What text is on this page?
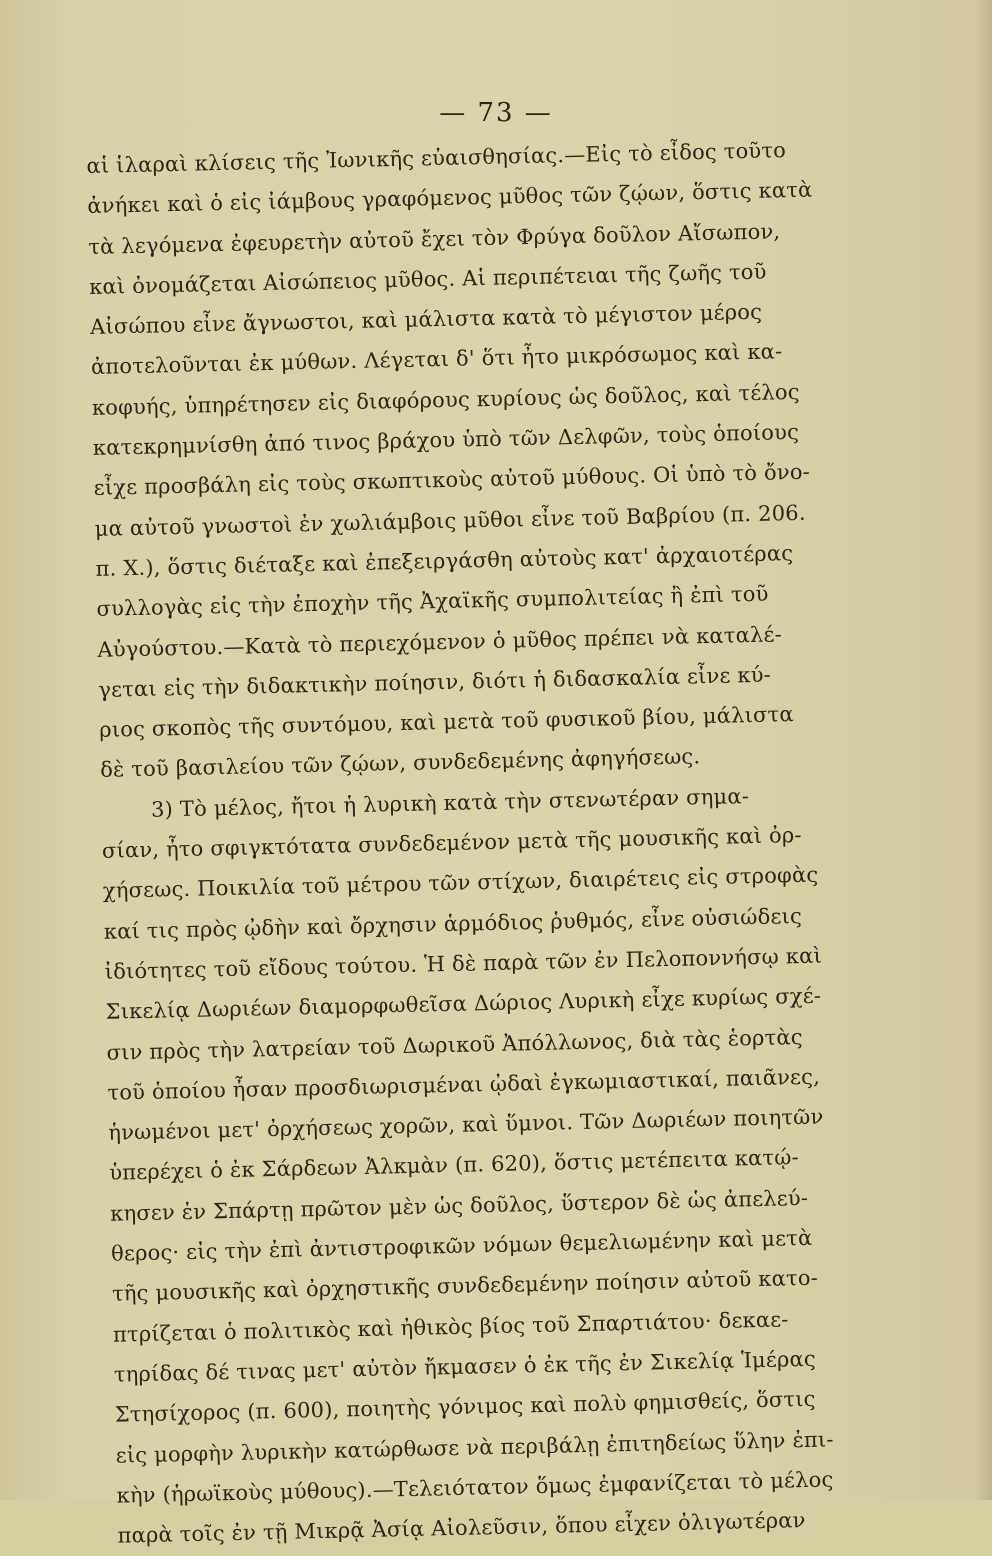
— 73 —
αἱ ἱλαραὶ κλίσεις τῆς Ἰωνικῆς εὐαισθησίας.—Εἰς τὸ εἶδος τοῦτο
ἀνήκει καὶ ὁ εἰς ἰάμβους γραφόμενος μῦθος τῶν ζῴων, ὅστις κατὰ
τὰ λεγόμενα ἐφευρετὴν αὐτοῦ ἔχει τὸν Φρύγα δοῦλον Αἴσωπον,
καὶ ὀνομάζεται Αἰσώπειος μῦθος. Αἱ περιπέτειαι τῆς ζωῆς τοῦ
Αἰσώπου εἶνε ἄγνωστοι, καὶ μάλιστα κατὰ τὸ μέγιστον μέρος
ἀποτελοῦνται ἐκ μύθων. Λέγεται δ' ὅτι ἦτο μικρόσωμος καὶ κα-
κοφυής, ὑπηρέτησεν εἰς διαφόρους κυρίους ὡς δοῦλος, καὶ τέλος
κατεκρημνίσθη ἀπό τινος βράχου ὑπὸ τῶν Δελφῶν, τοὺς ὁποίους
εἶχε προσβάλη εἰς τοὺς σκωπτικοὺς αὐτοῦ μύθους. Οἱ ὑπὸ τὸ ὄνο-
μα αὐτοῦ γνωστοὶ ἐν χωλιάμβοις μῦθοι εἶνε τοῦ Βαβρίου (π. 206.
π. Χ.), ὅστις διέταξε καὶ ἐπεξειργάσθη αὐτοὺς κατ' ἀρχαιοτέρας
συλλογὰς εἰς τὴν ἐποχὴν τῆς Ἀχαϊκῆς συμπολιτείας ἢ ἐπὶ τοῦ
Αὐγούστου.—Κατὰ τὸ περιεχόμενον ὁ μῦθος πρέπει νὰ καταλέ-
γεται εἰς τὴν διδακτικὴν ποίησιν, διότι ἡ διδασκαλία εἶνε κύ-
ριος σκοπὸς τῆς συντόμου, καὶ μετὰ τοῦ φυσικοῦ βίου, μάλιστα
δὲ τοῦ βασιλείου τῶν ζῴων, συνδεδεμένης ἀφηγήσεως.
3) Τὸ μέλος, ἤτοι ἡ λυρικὴ κατὰ τὴν στενωτέραν σημα-
σίαν, ἦτο σφιγκτότατα συνδεδεμένον μετὰ τῆς μουσικῆς καὶ ὀρ-
χήσεως. Ποικιλία τοῦ μέτρου τῶν στίχων, διαιρέτεις εἰς στροφὰς
καί τις πρὸς ᾠδὴν καὶ ὄρχησιν ἁρμόδιος ῥυθμός, εἶνε οὐσιώδεις
ἰδιότητες τοῦ εἴδους τούτου. Ἡ δὲ παρὰ τῶν ἐν Πελοποννήσῳ καὶ
Σικελίᾳ Δωριέων διαμορφωθεῖσα Δώριος Λυρικὴ εἶχε κυρίως σχέ-
σιν πρὸς τὴν λατρείαν τοῦ Δωρικοῦ Ἀπόλλωνος, διὰ τὰς ἑορτὰς
τοῦ ὁποίου ἦσαν προσδιωρισμέναι ᾠδαὶ ἐγκωμιαστικαί, παιᾶνες,
ἡνωμένοι μετ' ὀρχήσεως χορῶν, καὶ ὕμνοι. Τῶν Δωριέων ποιητῶν
ὑπερέχει ὁ ἐκ Σάρδεων Ἀλκμὰν (π. 620), ὅστις μετέπειτα κατῴ-
κησεν ἐν Σπάρτῃ πρῶτον μὲν ὡς δοῦλος, ὕστερον δὲ ὡς ἀπελεύ-
θερος· εἰς τὴν ἐπὶ ἀντιστροφικῶν νόμων θεμελιωμένην καὶ μετὰ
τῆς μουσικῆς καὶ ὀρχηστικῆς συνδεδεμένην ποίησιν αὐτοῦ κατο-
πτρίζεται ὁ πολιτικὸς καὶ ἠθικὸς βίος τοῦ Σπαρτιάτου· δεκαε-
τηρίδας δέ τινας μετ' αὐτὸν ἤκμασεν ὁ ἐκ τῆς ἐν Σικελίᾳ Ἱμέρας
Στησίχορος (π. 600), ποιητὴς γόνιμος καὶ πολὺ φημισθείς, ὅστις
εἰς μορφὴν λυρικὴν κατώρθωσε νὰ περιβάλῃ ἐπιτηδείως ὕλην ἐπι-
κὴν (ἡρωϊκοὺς μύθους).—Τελειότατον ὅμως ἐμφανίζεται τὸ μέλος
παρὰ τοῖς ἐν τῇ Μικρᾷ Ἀσίᾳ Αἰολεῦσιν, ὅπου εἶχεν ὀλιγωτέραν
